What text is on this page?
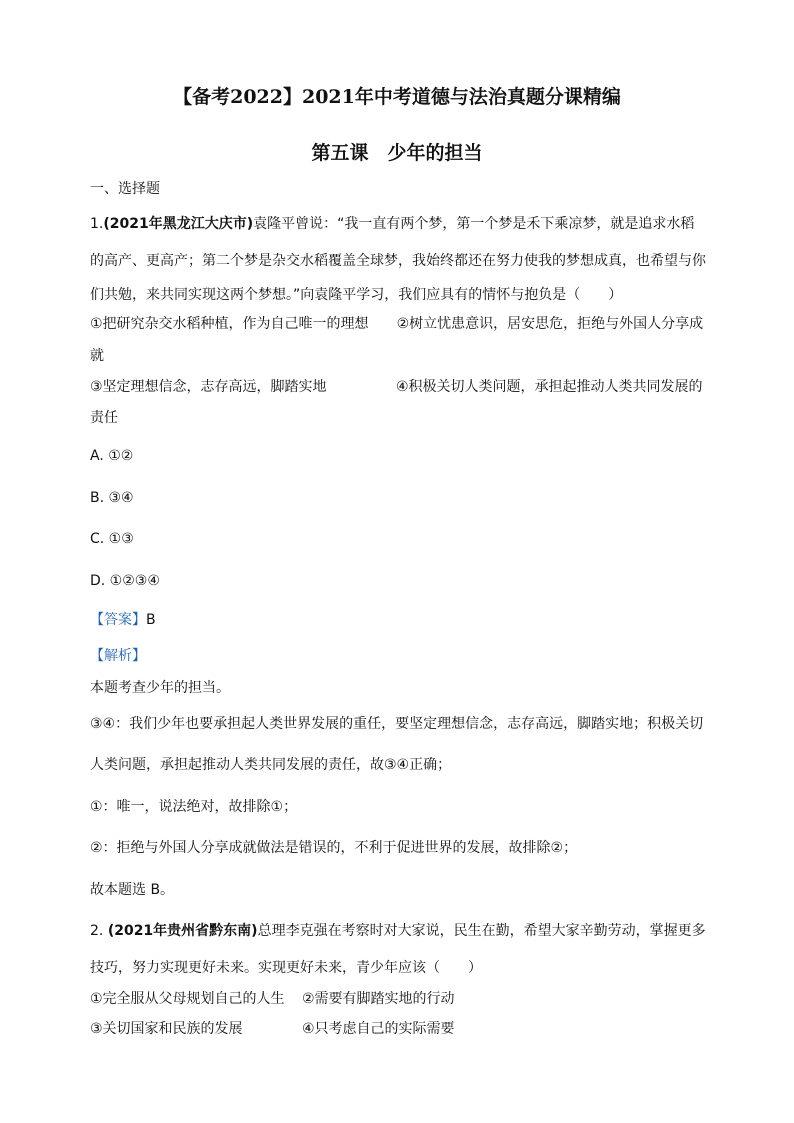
【备考2022】2021年中考道德与法治真题分课精编
第五课　少年的担当
一、选择题
1.(2021年黑龙江大庆市)袁隆平曾说：“我一直有两个梦，第一个梦是禾下乘凉梦，就是追求水稻
的高产、更高产；第二个梦是杂交水稻覆盖全球梦，我始终都还在努力使我的梦想成真，也希望与你
们共勉，来共同实现这两个梦想。”向袁隆平学习，我们应具有的情怀与抱负是（　　）
①把研究杂交水稻种植，作为自己唯一的理想 ②树立忧患意识，居安思危，拒绝与外国人分享成
就
③坚定理想信念，志存高远，脚踏实地	④积极关切人类问题，承担起推动人类共同发展的
责任
A. ①②
B. ③④
C. ①③
D. ①②③④
【答案】B
【解析】
本题考查少年的担当。
③④：我们少年也要承担起人类世界发展的重任，要坚定理想信念，志存高远，脚踏实地；积极关切
人类问题，承担起推动人类共同发展的责任，故③④正确；
①：唯一，说法绝对，故排除①；
②：拒绝与外国人分享成就做法是错误的，不利于促进世界的发展，故排除②；
故本题选 B。
2. (2021年贵州省黔东南)总理李克强在考察时对大家说，民生在勤，希望大家辛勤劳动，掌握更多
技巧，努力实现更好未来。实现更好未来，青少年应该（　　）
①完全服从父母规划自己的人生 ②需要有脚踏实地的行动
③关切国家和民族的发展	④只考虑自己的实际需要
